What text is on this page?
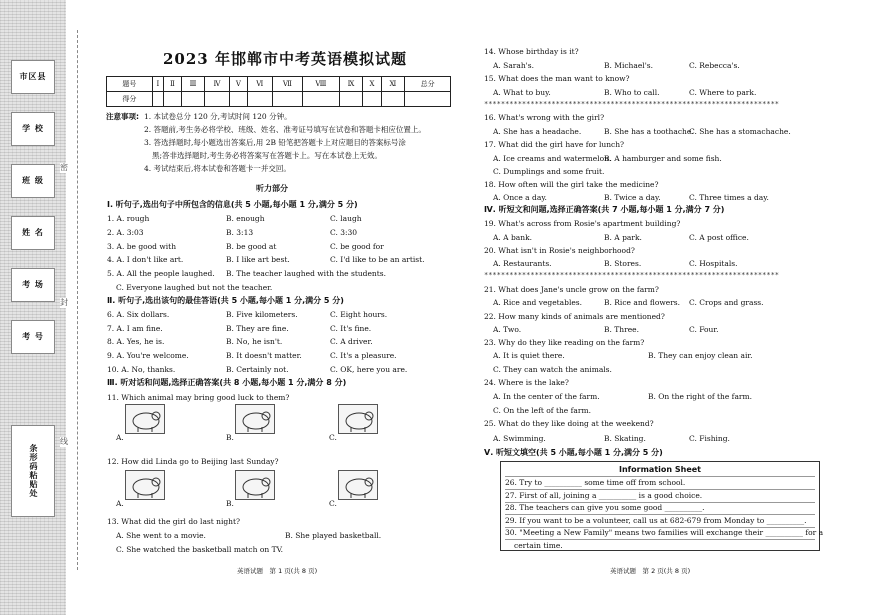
市区县
学 校
班 级
姓 名
考 场
考 号
条形码粘贴处
密
封
线
2023 年邯郸市中考英语模拟试题
题号	Ⅰ	Ⅱ	Ⅲ	Ⅳ	Ⅴ	Ⅵ	Ⅶ	Ⅷ	Ⅸ	Ⅹ	Ⅺ	总分
得分												
注意事项: 1. 本试卷总分 120 分,考试时间 120 分钟。
2. 答题前,考生务必将学校、班级、姓名、准考证号填写在试卷和答题卡相应位置上。
3. 答选择题时,每小题选出答案后,用 2B 铅笔把答题卡上对应题目的答案标号涂
黑;答非选择题时,考生务必将答案写在答题卡上。写在本试卷上无效。
4. 考试结束后,将本试卷和答题卡一并交回。
听力部分
Ⅰ. 听句子,选出句子中所包含的信息(共 5 小题,每小题 1 分,满分 5 分)
1. A. rough	B. enough	C. laugh
2. A. 3:03	B. 3:13	C. 3:30
3. A. be good with	B. be good at	C. be good for
4. A. I don't like art.	B. I like art best.	C. I'd like to be an artist.
5. A. All the people laughed. B. The teacher laughed with the students.
C. Everyone laughed but not the teacher.
Ⅱ. 听句子,选出该句的最佳答语(共 5 小题,每小题 1 分,满分 5 分)
6. A. Six dollars.	B. Five kilometers.	C. Eight hours.
7. A. I am fine.	B. They are fine.	C. It's fine.
8. A. Yes, he is.	B. No, he isn't.	C. A driver.
9. A. You're welcome.	B. It doesn't matter.	C. It's a pleasure.
10. A. No, thanks.	B. Certainly not.	C. OK, here you are.
Ⅲ. 听对话和问题,选择正确答案(共 8 小题,每小题 1 分,满分 8 分)
11. Which animal may bring good luck to them?
12. How did Linda go to Beijing last Sunday?
13. What did the girl do last night?
A. She went to a movie.	B. She played basketball.
C. She watched the basketball match on TV.
A.	B.	C.
A.	B.	C.
14. Whose birthday is it?
A. Sarah's.	B. Michael's.	C. Rebecca's.
15. What does the man want to know?
A. What to buy.	B. Who to call.	C. Where to park.
**********************************************************************
16. What's wrong with the girl?
A. She has a headache.	B. She has a toothache.
C. She has a stomachache.
17. What did the girl have for lunch?
A. Ice creams and watermelon.
B. A hamburger and some fish.
C. Dumplings and some fruit.
18. How often will the girl take the medicine?
A. Once a day.	B. Twice a day.	C. Three times a day.
Ⅳ. 听短文和问题,选择正确答案(共 7 小题,每小题 1 分,满分 7 分)
19. What's across from Rosie's apartment building?
A. A bank.	B. A park.	C. A post office.
20. What isn't in Rosie's neighborhood?
A. Restaurants.	B. Stores.	C. Hospitals.
**********************************************************************
21. What does Jane's uncle grow on the farm?
A. Rice and vegetables.	B. Rice and flowers. C. Crops and grass.
22. How many kinds of animals are mentioned?
A. Two.	B. Three.	C. Four.
23. Why do they like reading on the farm?
A. It is quiet there.	B. They can enjoy clean air.
C. They can watch the animals.
24. Where is the lake?
A. In the center of the farm.	B. On the right of the farm.
C. On the left of the farm.
25. What do they like doing at the weekend?
A. Swimming.	B. Skating.	C. Fishing.
Ⅴ. 听短文填空(共 5 小题,每小题 1 分,满分 5 分)
Information Sheet
26. Try to __________ some time off from school.
27. First of all, joining a __________ is a good choice.
28. The teachers can give you some good __________.
29. If you want to be a volunteer, call us at 682-679 from Monday to __________.
30. "Meeting a New Family" means two families will exchange their __________ for a
certain time.
英语试题　第 1 页(共 8 页)	英语试题　第 2 页(共 8 页)
